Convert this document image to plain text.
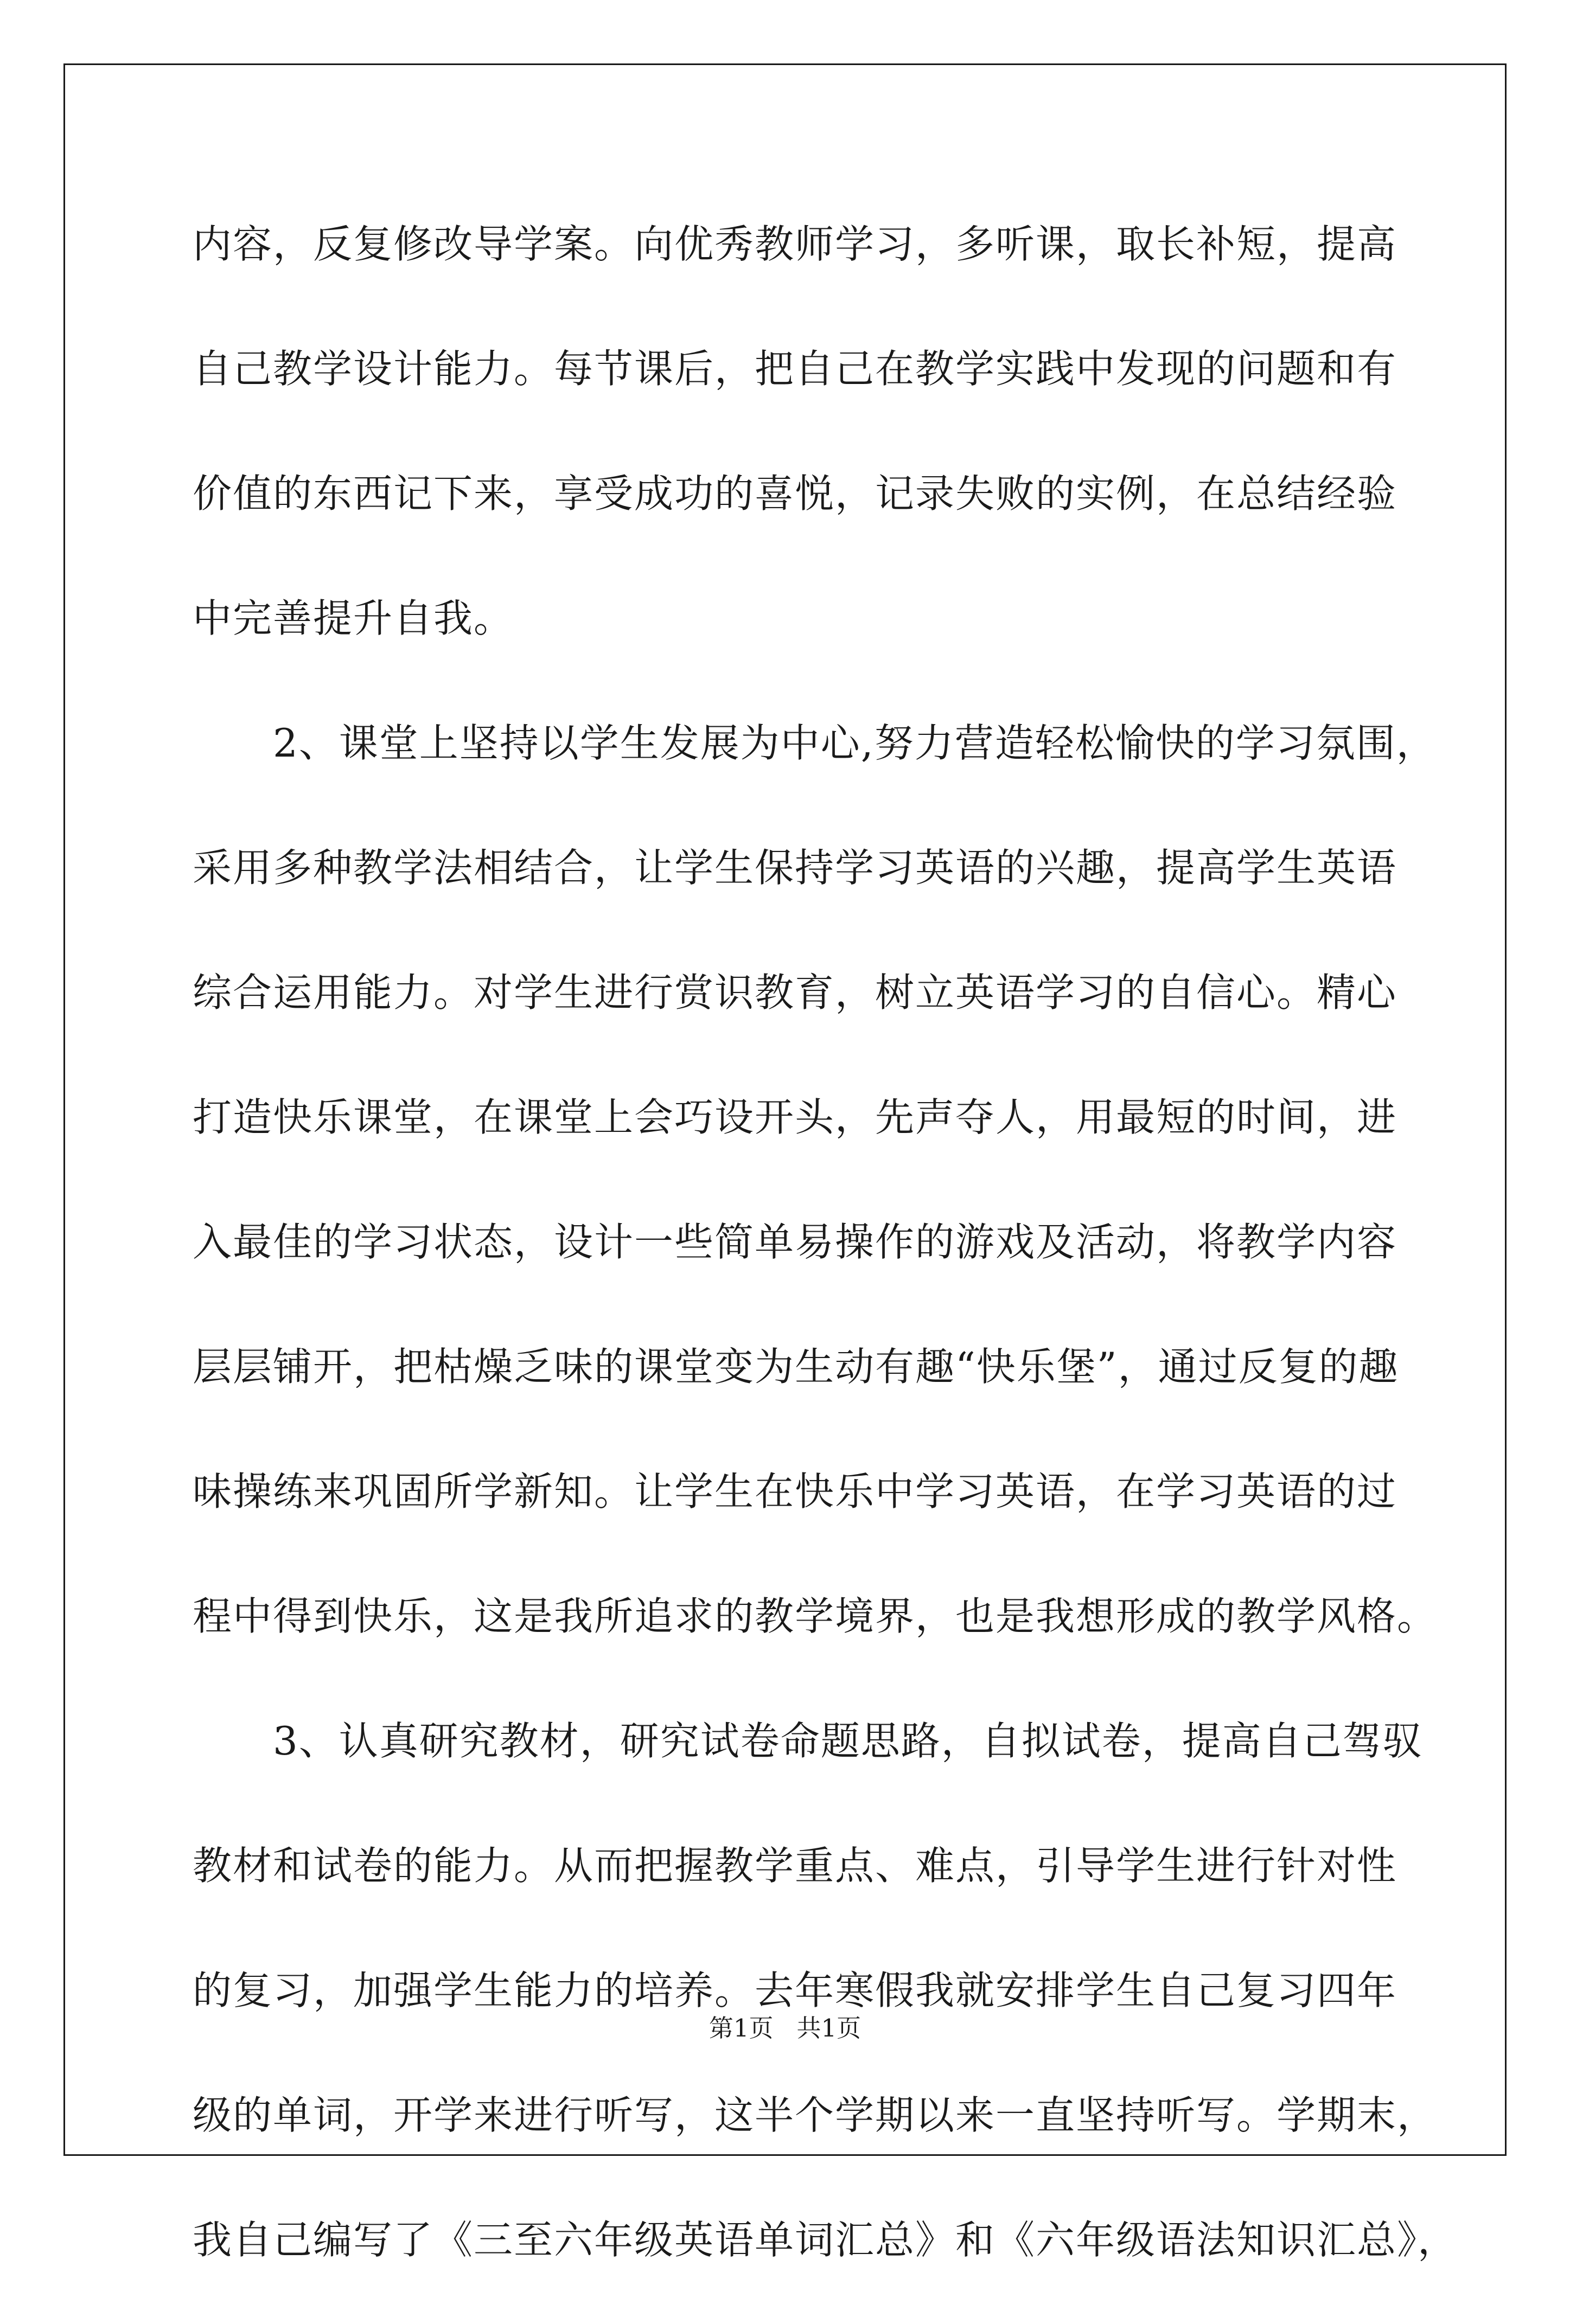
内容，反复修改导学案。向优秀教师学习，多听课，取长补短，提高
自己教学设计能力。每节课后，把自己在教学实践中发现的问题和有
价值的东西记下来，享受成功的喜悦，记录失败的实例，在总结经验
中完善提升自我。
　　2、课堂上坚持以学生发展为中心,努力营造轻松愉快的学习氛围，
采用多种教学法相结合，让学生保持学习英语的兴趣，提高学生英语
综合运用能力。对学生进行赏识教育，树立英语学习的自信心。精心
打造快乐课堂，在课堂上会巧设开头，先声夺人，用最短的时间，进
入最佳的学习状态，设计一些简单易操作的游戏及活动，将教学内容
层层铺开，把枯燥乏味的课堂变为生动有趣“快乐堡”，通过反复的趣
味操练来巩固所学新知。让学生在快乐中学习英语，在学习英语的过
程中得到快乐，这是我所追求的教学境界，也是我想形成的教学风格。
　　3、认真研究教材，研究试卷命题思路，自拟试卷，提高自己驾驭
教材和试卷的能力。从而把握教学重点、难点，引导学生进行针对性
的复习，加强学生能力的培养。去年寒假我就安排学生自己复习四年
级的单词，开学来进行听写，这半个学期以来一直坚持听写。学期末，
我自己编写了《三至六年级英语单词汇总》和《六年级语法知识汇总》，
第1页 共1页
